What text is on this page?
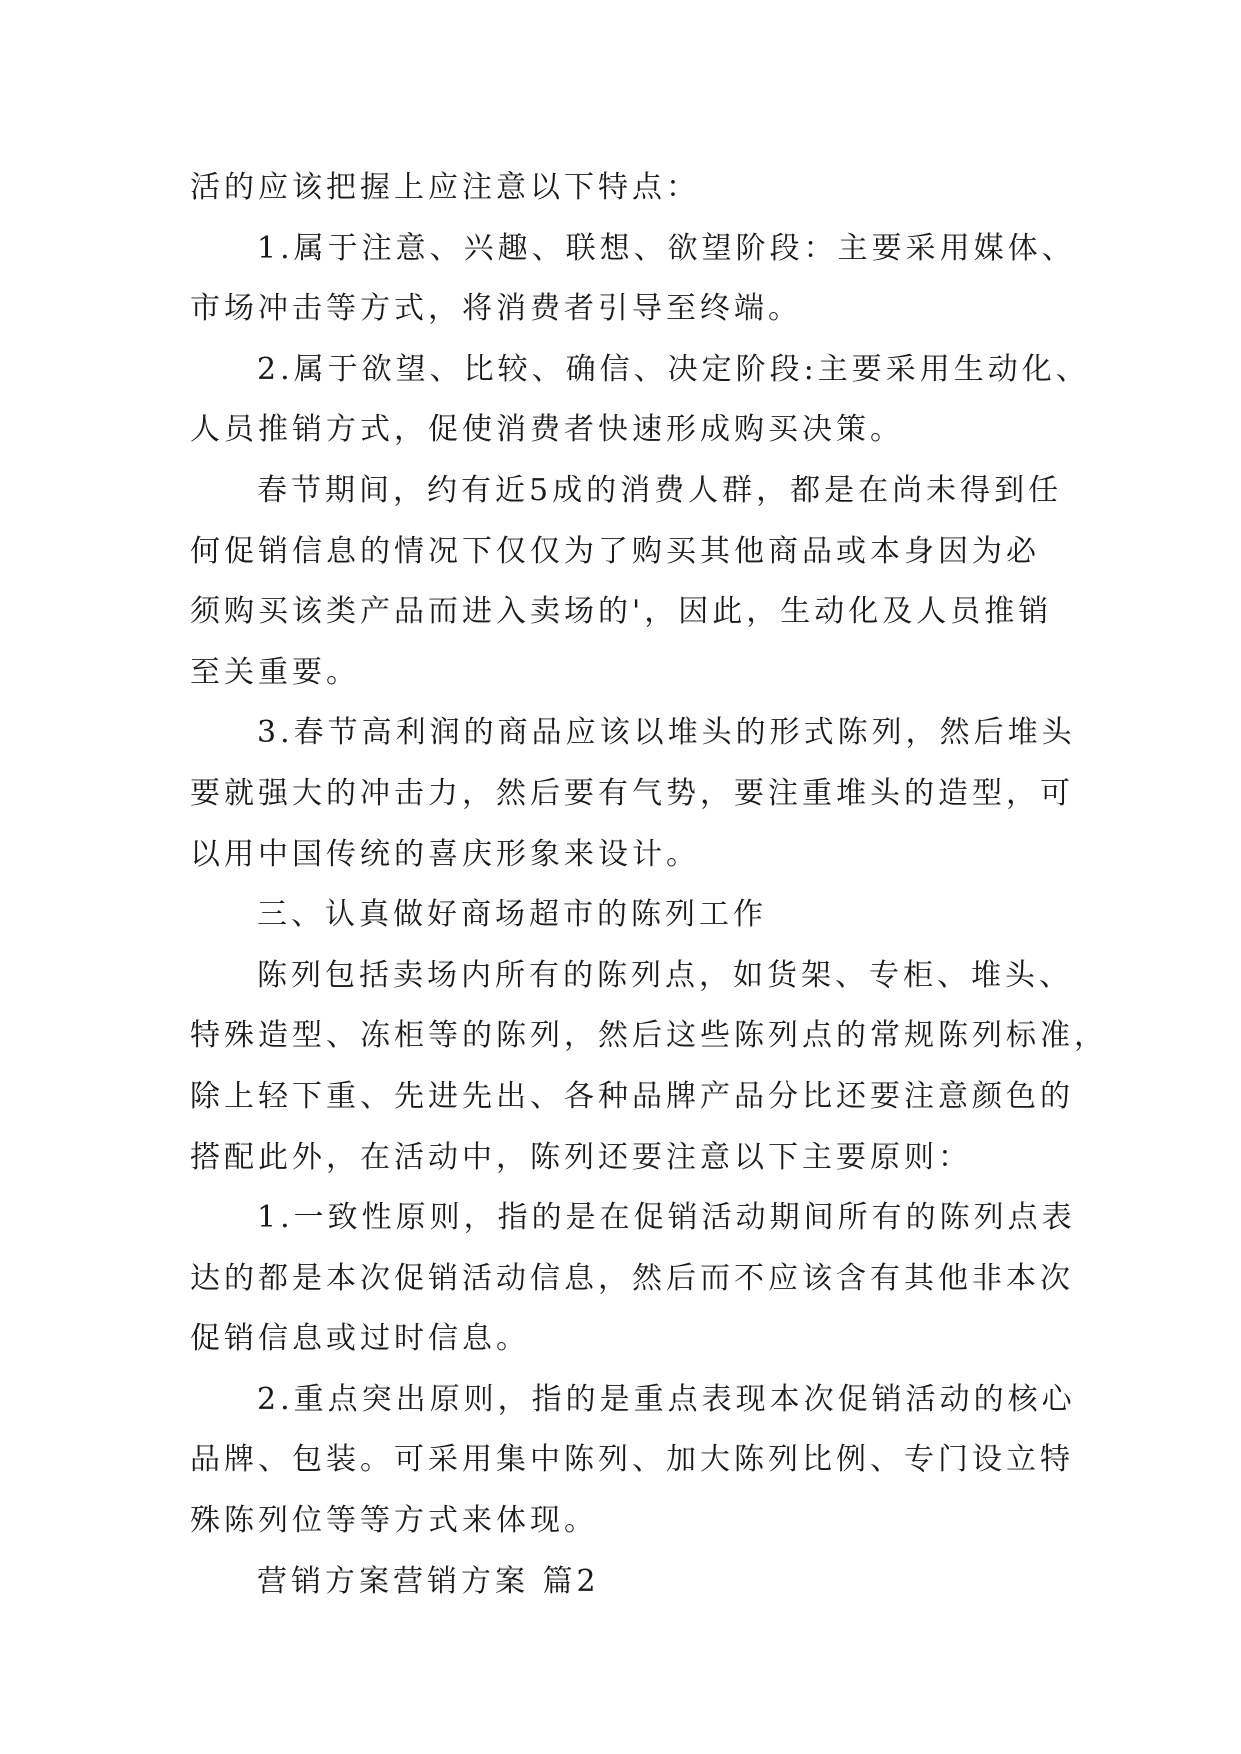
活的应该把握上应注意以下特点：
1.属于注意、兴趣、联想、欲望阶段：主要采用媒体、
市场冲击等方式，将消费者引导至终端。
2.属于欲望、比较、确信、决定阶段:主要采用生动化、
人员推销方式，促使消费者快速形成购买决策。
春节期间，约有近5成的消费人群，都是在尚未得到任
何促销信息的情况下仅仅为了购买其他商品或本身因为必
须购买该类产品而进入卖场的'，因此，生动化及人员推销
至关重要。
3.春节高利润的商品应该以堆头的形式陈列，然后堆头
要就强大的冲击力，然后要有气势，要注重堆头的造型，可
以用中国传统的喜庆形象来设计。
三、认真做好商场超市的陈列工作
陈列包括卖场内所有的陈列点，如货架、专柜、堆头、
特殊造型、冻柜等的陈列，然后这些陈列点的常规陈列标准，
除上轻下重、先进先出、各种品牌产品分比还要注意颜色的
搭配此外，在活动中，陈列还要注意以下主要原则：
1.一致性原则，指的是在促销活动期间所有的陈列点表
达的都是本次促销活动信息，然后而不应该含有其他非本次
促销信息或过时信息。
2.重点突出原则，指的是重点表现本次促销活动的核心
品牌、包装。可采用集中陈列、加大陈列比例、专门设立特
殊陈列位等等方式来体现。
营销方案营销方案 篇2
